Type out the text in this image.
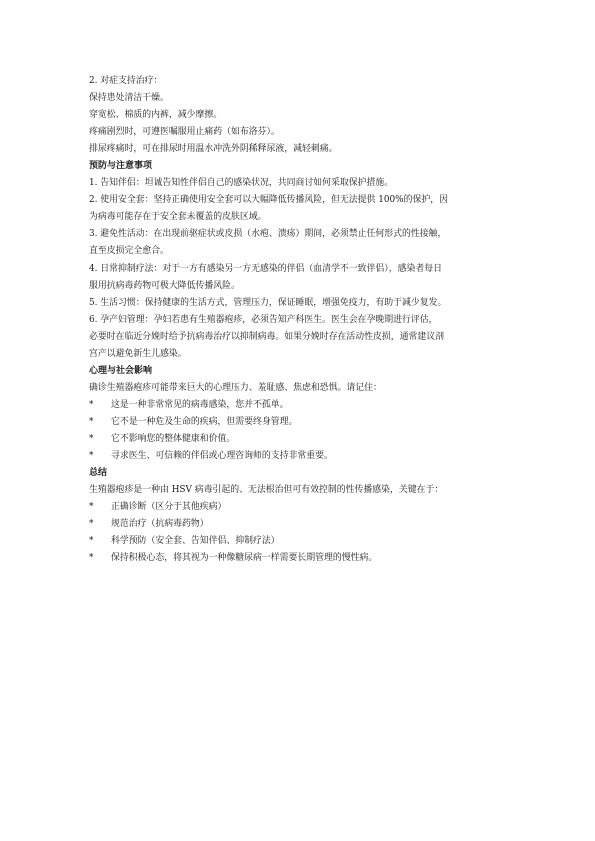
2. 对症支持治疗：
保持患处清洁干燥。
穿宽松、棉质的内裤，减少摩擦。
疼痛剧烈时，可遵医嘱服用止痛药（如布洛芬）。
排尿疼痛时，可在排尿时用温水冲洗外阴稀释尿液，减轻刺痛。
预防与注意事项
1. 告知伴侣：坦诚告知性伴侣自己的感染状况，共同商讨如何采取保护措施。
2. 使用安全套：坚持正确使用安全套可以大幅降低传播风险，但无法提供 100%的保护，因
为病毒可能存在于安全套未覆盖的皮肤区域。
3. 避免性活动：在出现前驱症状或皮损（水疱、溃疡）期间，必须禁止任何形式的性接触，
直至皮损完全愈合。
4. 日常抑制疗法：对于一方有感染另一方无感染的伴侣（血清学不一致伴侣），感染者每日
服用抗病毒药物可极大降低传播风险。
5. 生活习惯：保持健康的生活方式，管理压力，保证睡眠，增强免疫力，有助于减少复发。
6. 孕产妇管理：孕妇若患有生殖器疱疹，必须告知产科医生。医生会在孕晚期进行评估，
必要时在临近分娩时给予抗病毒治疗以抑制病毒。如果分娩时存在活动性皮损，通常建议剖
宫产以避免新生儿感染。
心理与社会影响
确诊生殖器疱疹可能带来巨大的心理压力、羞耻感、焦虑和恐惧。请记住：
*	这是一种非常常见的病毒感染，您并不孤单。
*	它不是一种危及生命的疾病，但需要终身管理。
*	它不影响您的整体健康和价值。
*	寻求医生、可信赖的伴侣或心理咨询师的支持非常重要。
总结
生殖器疱疹是一种由 HSV 病毒引起的、无法根治但可有效控制的性传播感染，关键在于：
*	正确诊断（区分于其他疾病）
*	规范治疗（抗病毒药物）
*	科学预防（安全套、告知伴侣、抑制疗法）
*	保持积极心态，将其视为一种像糖尿病一样需要长期管理的慢性病。
